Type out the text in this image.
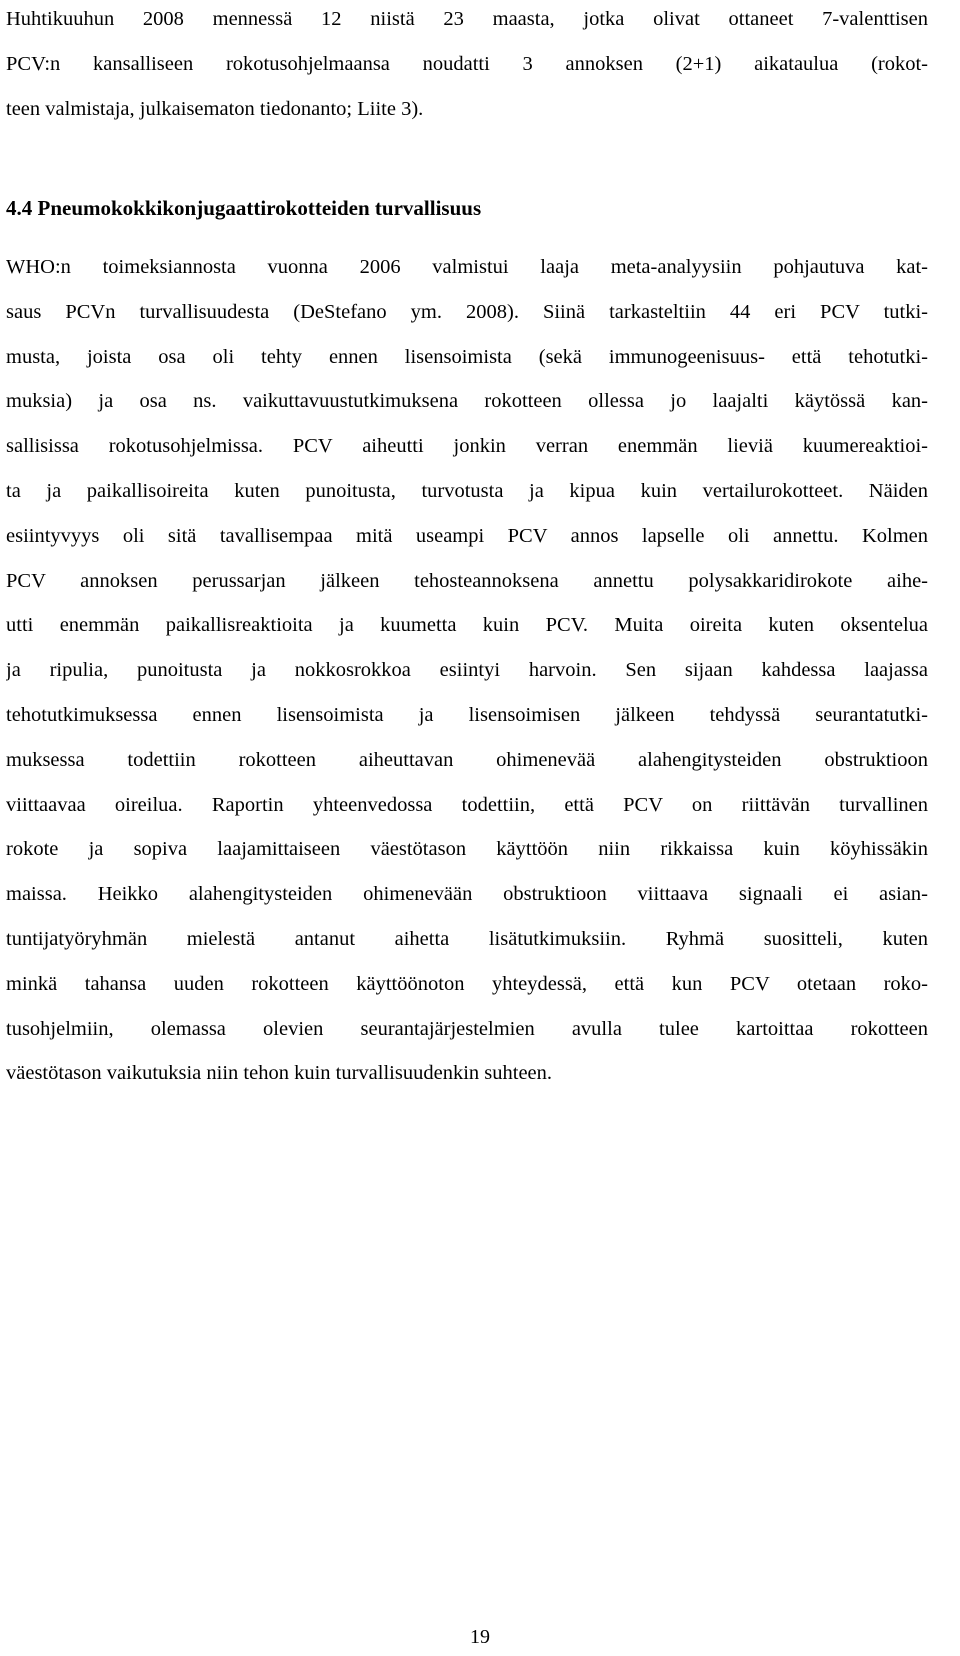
Huhtikuuhun 2008 mennessä 12 niistä 23 maasta, jotka olivat ottaneet 7-valenttisen
PCV:n kansalliseen rokotusohjelmaansa noudatti 3 annoksen (2+1) aikataulua (rokot-
teen valmistaja, julkaisematon tiedonanto; Liite 3).
4.4 Pneumokokkikonjugaattirokotteiden turvallisuus
WHO:n toimeksiannosta vuonna 2006 valmistui laaja meta-analyysiin pohjautuva kat-
saus PCVn turvallisuudesta (DeStefano ym. 2008). Siinä tarkasteltiin 44 eri PCV tutki-
musta, joista osa oli tehty ennen lisensoimista (sekä immunogeenisuus- että tehotutki-
muksia) ja osa ns. vaikuttavuustutkimuksena rokotteen ollessa jo laajalti käytössä kan-
sallisissa rokotusohjelmissa. PCV aiheutti jonkin verran enemmän lieviä kuumereaktioi-
ta ja paikallisoireita kuten punoitusta, turvotusta ja kipua kuin vertailurokotteet. Näiden
esiintyvyys oli sitä tavallisempaa mitä useampi PCV annos lapselle oli annettu. Kolmen
PCV annoksen perussarjan jälkeen tehosteannoksena annettu polysakkaridirokote aihe-
utti enemmän paikallisreaktioita ja kuumetta kuin PCV. Muita oireita kuten oksentelua
ja ripulia, punoitusta ja nokkosrokkoa esiintyi harvoin. Sen sijaan kahdessa laajassa
tehotutkimuksessa ennen lisensoimista ja lisensoimisen jälkeen tehdyssä seurantatutki-
muksessa todettiin rokotteen aiheuttavan ohimenevää alahengitysteiden obstruktioon
viittaavaa oireilua. Raportin yhteenvedossa todettiin, että PCV on riittävän turvallinen
rokote ja sopiva laajamittaiseen väestötason käyttöön niin rikkaissa kuin köyhissäkin
maissa. Heikko alahengitysteiden ohimenevään obstruktioon viittaava signaali ei asian-
tuntijatyöryhmän mielestä antanut aihetta lisätutkimuksiin. Ryhmä suositteli, kuten
minkä tahansa uuden rokotteen käyttöönoton yhteydessä, että kun PCV otetaan roko-
tusohjelmiin, olemassa olevien seurantajärjestelmien avulla tulee kartoittaa rokotteen
väestötason vaikutuksia niin tehon kuin turvallisuudenkin suhteen.
19
